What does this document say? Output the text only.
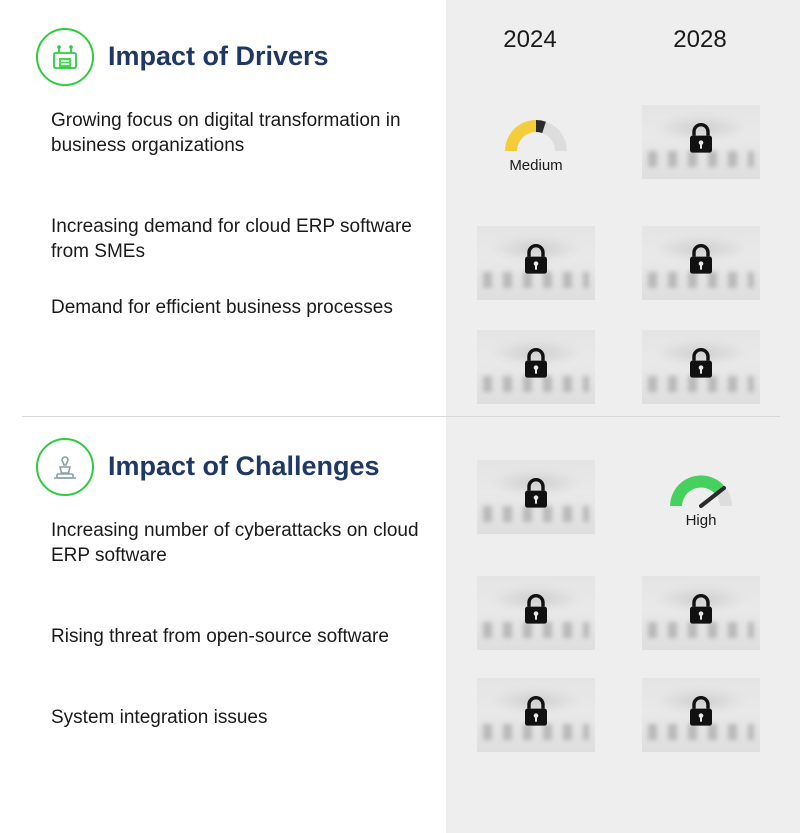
2024	2028
Impact of Drivers
Growing focus on digital transformation in business organizations
Increasing demand for cloud ERP software from SMEs
Demand for efficient business processes
Medium
Impact of Challenges
Increasing number of cyberattacks on cloud ERP software
Rising threat from open-source software
System integration issues
High
